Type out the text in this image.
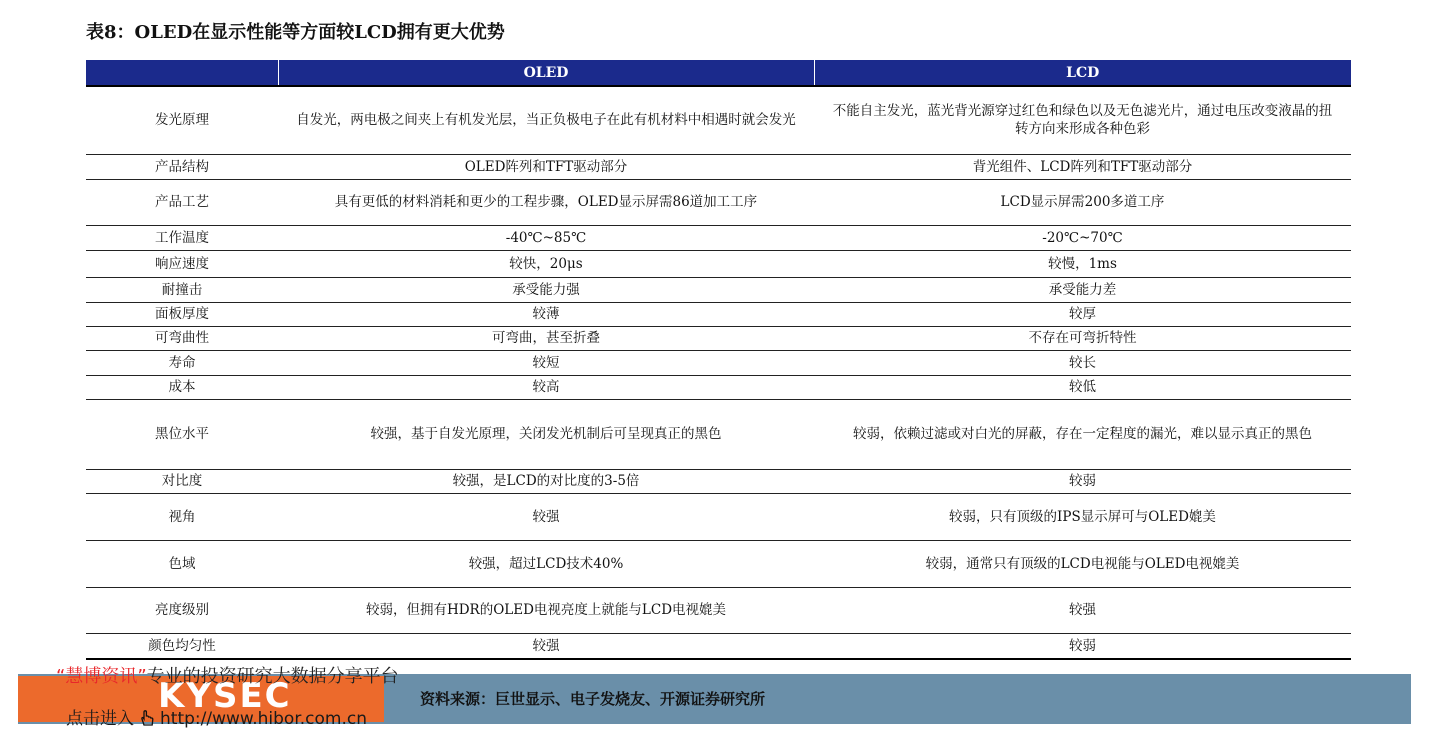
表8：OLED在显示性能等方面较LCD拥有更大优势
	OLED	LCD
发光原理	自发光，两电极之间夹上有机发光层，当正负极电子在此有机材料中相遇时就会发光	不能自主发光，蓝光背光源穿过红色和绿色以及无色滤光片，通过电压改变液晶的扭转方向来形成各种色彩
产品结构	OLED阵列和TFT驱动部分	背光组件、LCD阵列和TFT驱动部分
产品工艺	具有更低的材料消耗和更少的工程步骤，OLED显示屏需86道加工工序	LCD显示屏需200多道工序
工作温度	-40℃~85℃	-20℃~70℃
响应速度	较快，20μs	较慢，1ms
耐撞击	承受能力强	承受能力差
面板厚度	较薄	较厚
可弯曲性	可弯曲，甚至折叠	不存在可弯折特性
寿命	较短	较长
成本	较高	较低
黑位水平	较强，基于自发光原理，关闭发光机制后可呈现真正的黑色	较弱，依赖过滤或对白光的屏蔽，存在一定程度的漏光，难以显示真正的黑色
对比度	较强，是LCD的对比度的3-5倍	较弱
视角	较强	较弱，只有顶级的IPS显示屏可与OLED媲美
色域	较强，超过LCD技术40%	较弱，通常只有顶级的LCD电视能与OLED电视媲美
亮度级别	较弱，但拥有HDR的OLED电视亮度上就能与LCD电视媲美	较强
颜色均匀性	较强	较弱
KYSEC	资料来源：巨世显示、电子发烧友、开源证券研究所
“慧博资讯”专业的投资研究大数据分享平台
点击进入 http://www.hibor.com.cn
